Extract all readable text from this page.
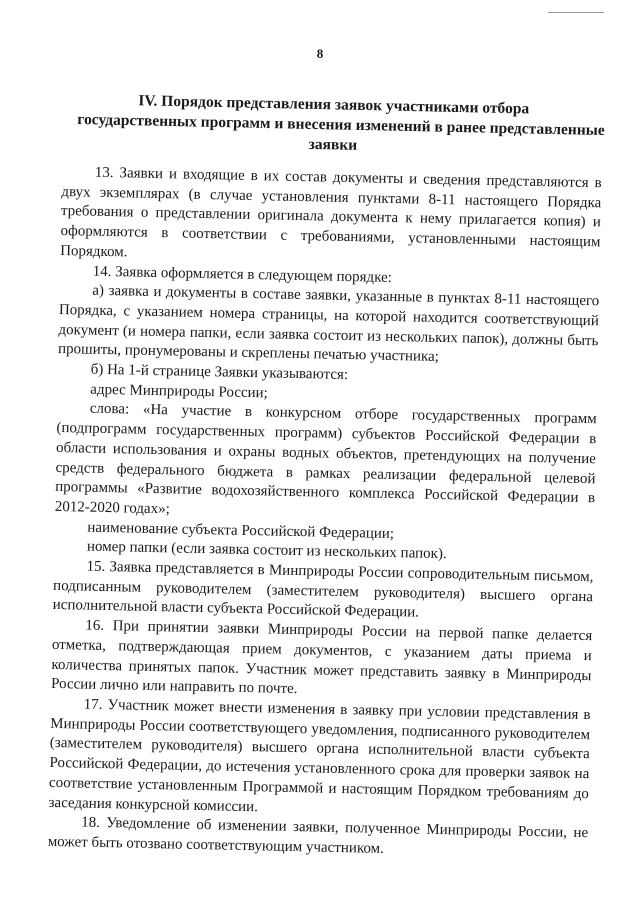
8
IV. Порядок представления заявок участниками отбора
государственных программ и внесения изменений в ранее представленные
заявки

13. Заявки и входящие в их состав документы и сведения представляются в двух экземплярах (в случае установления пунктами 8-11 настоящего Порядка требования о представлении оригинала документа к нему прилагается копия) и оформляются в соответствии с требованиями, установленными настоящим Порядком.

14. Заявка оформляется в следующем порядке:

а) заявка и документы в составе заявки, указанные в пунктах 8-11 настоящего Порядка, с указанием номера страницы, на которой находится соответствующий документ (и номера папки, если заявка состоит из нескольких папок), должны быть прошиты, пронумерованы и скреплены печатью участника;

б) На 1-й странице Заявки указываются:

адрес Минприроды России;

слова: «На участие в конкурсном отборе государственных программ (подпрограмм государственных программ) субъектов Российской Федерации в области использования и охраны водных объектов, претендующих на получение средств федерального бюджета в рамках реализации федеральной целевой программы «Развитие водохозяйственного комплекса Российской Федерации в 2012-2020 годах»;

наименование субъекта Российской Федерации;

номер папки (если заявка состоит из нескольких папок).

15. Заявка представляется в Минприроды России сопроводительным письмом, подписанным руководителем (заместителем руководителя) высшего органа исполнительной власти субъекта Российской Федерации.

16. При принятии заявки Минприроды России на первой папке делается отметка, подтверждающая прием документов, с указанием даты приема и количества принятых папок. Участник может представить заявку в Минприроды России лично или направить по почте.

17. Участник может внести изменения в заявку при условии представления в Минприроды России соответствующего уведомления, подписанного руководителем (заместителем руководителя) высшего органа исполнительной власти субъекта Российской Федерации, до истечения установленного срока для проверки заявок на соответствие установленным Программой и настоящим Порядком требованиям до заседания конкурсной комиссии.

18. Уведомление об изменении заявки, полученное Минприроды России, не может быть отозвано соответствующим участником.
